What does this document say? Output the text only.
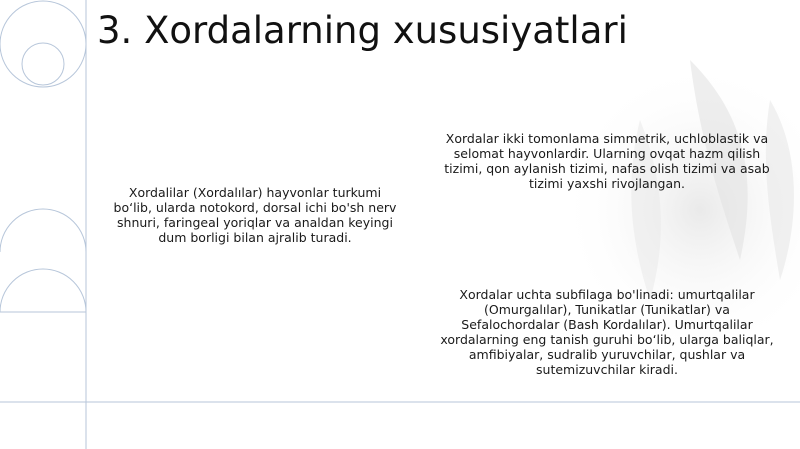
3. Xordalarning xususiyatlari

Xordalilar (Xordalılar) hayvonlar turkumi bo‘lib, ularda notokord, dorsal ichi bo'sh nerv shnuri, faringeal yoriqlar va analdan keyingi dum borligi bilan ajralib turadi.

Xordalar ikki tomonlama simmetrik, uchloblastik va selomat hayvonlardir. Ularning ovqat hazm qilish tizimi, qon aylanish tizimi, nafas olish tizimi va asab tizimi yaxshi rivojlangan.

Xordalar uchta subfilaga bo'linadi: umurtqalilar (Omurgalılar), Tunikatlar (Tunikatlar) va Sefalochordalar (Bash Kordalılar). Umurtqalilar xordalarning eng tanish guruhi bo‘lib, ularga baliqlar, amfibiyalar, sudralib yuruvchilar, qushlar va sutemizuvchilar kiradi.
